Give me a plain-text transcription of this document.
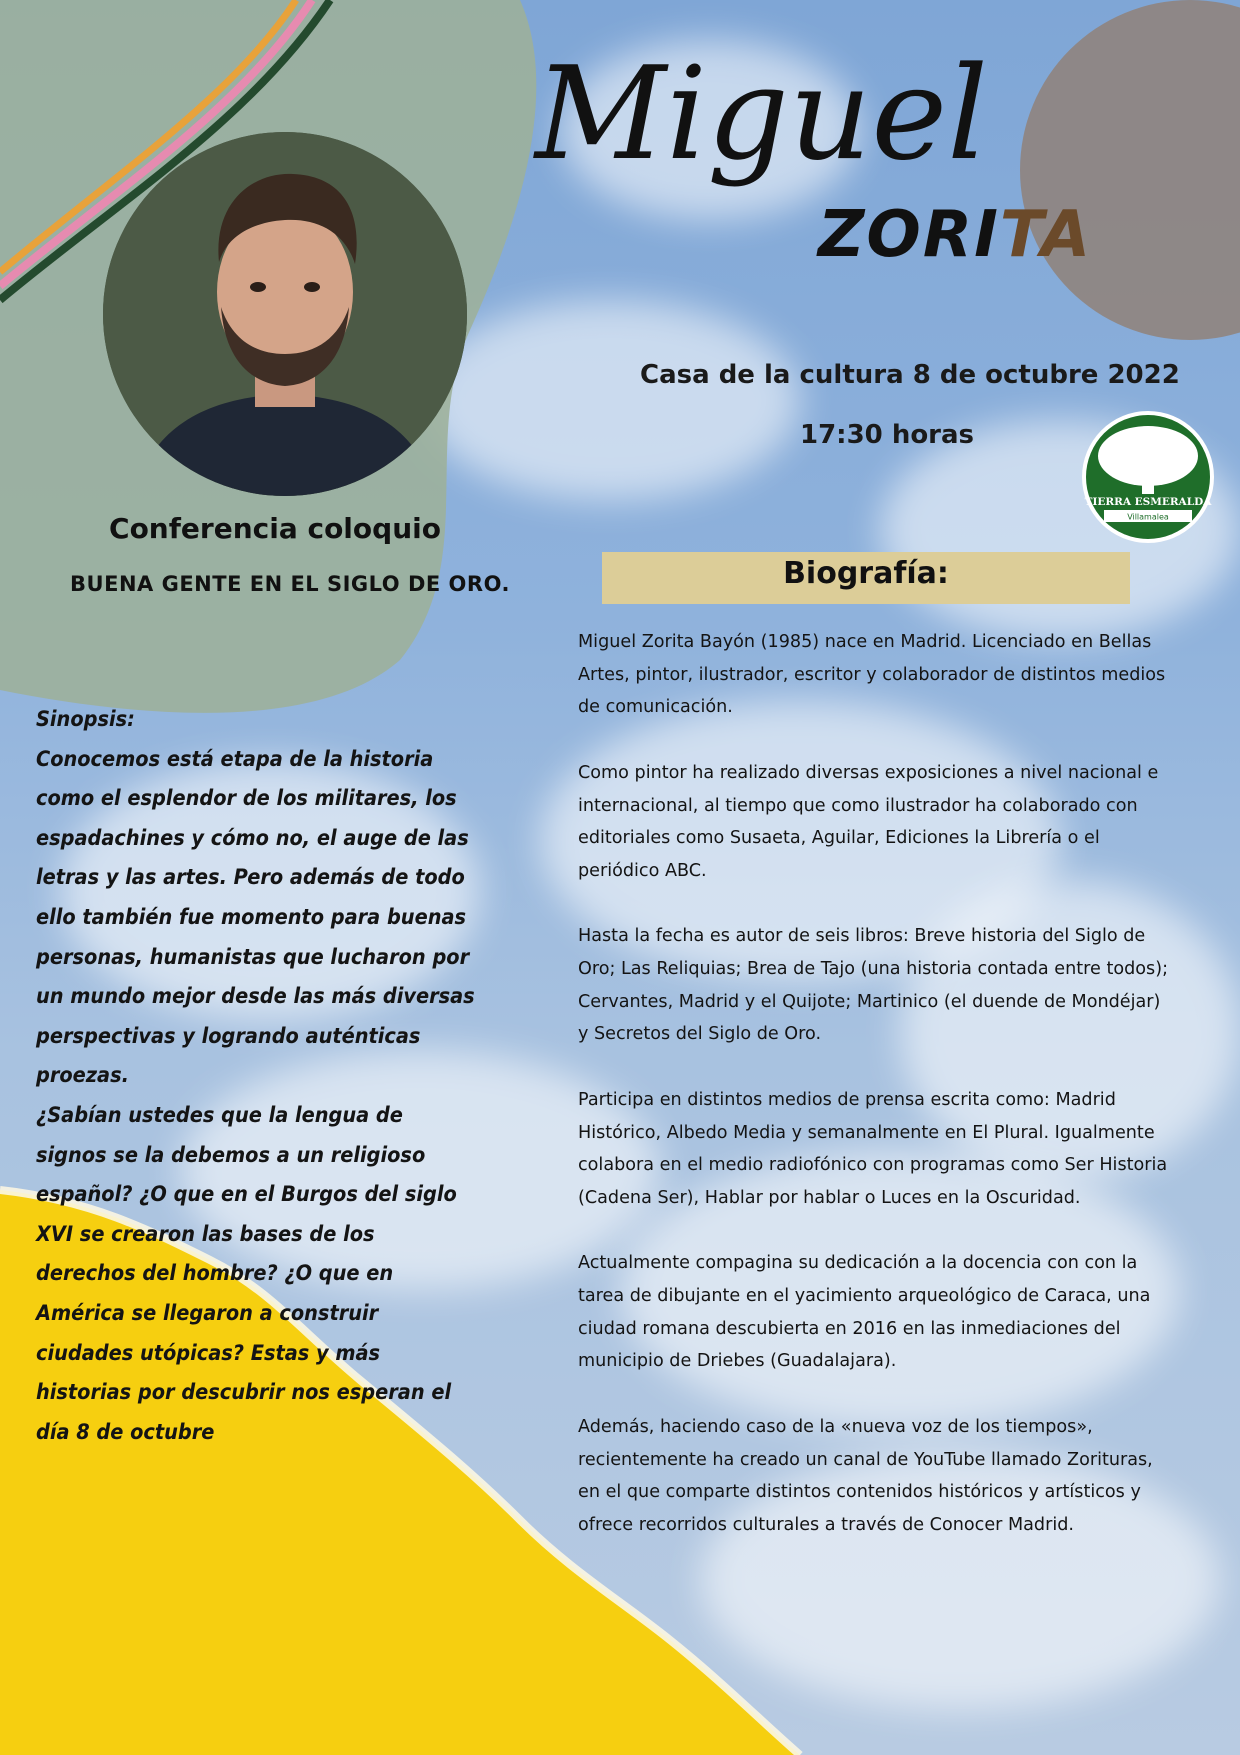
Miguel
ZORITA
Casa de la cultura 8 de octubre 2022
17:30 horas
TIERRA ESMERALDA
Villamalea
Conferencia coloquio
BUENA GENTE EN EL SIGLO DE ORO.	Biografía:

Sinopsis:

Conocemos está etapa de la historia como el esplendor de los militares, los espadachines y cómo no, el auge de las letras y las artes. Pero además de todo ello también fue momento para buenas personas, humanistas que lucharon por un mundo mejor desde las más diversas perspectivas y logrando auténticas proezas.

¿Sabían ustedes que la lengua de signos se la debemos a un religioso español? ¿O que en el Burgos del siglo XVI se crearon las bases de los derechos del hombre? ¿O que en América se llegaron a construir ciudades utópicas? Estas y más historias por descubrir nos esperan el día 8 de octubre

Miguel Zorita Bayón (1985) nace en Madrid. Licenciado en Bellas Artes, pintor, ilustrador, escritor y colaborador de distintos medios de comunicación.

Como pintor ha realizado diversas exposiciones a nivel nacional e internacional, al tiempo que como ilustrador ha colaborado con editoriales como Susaeta, Aguilar, Ediciones la Librería o el periódico ABC.

Hasta la fecha es autor de seis libros: Breve historia del Siglo de Oro; Las Reliquias; Brea de Tajo (una historia contada entre todos); Cervantes, Madrid y el Quijote; Martinico (el duende de Mondéjar) y Secretos del Siglo de Oro.

Participa en distintos medios de prensa escrita como: Madrid Histórico, Albedo Media y semanalmente en El Plural. Igualmente colabora en el medio radiofónico con programas como Ser Historia (Cadena Ser), Hablar por hablar o Luces en la Oscuridad.

Actualmente compagina su dedicación a la docencia con con la tarea de dibujante en el yacimiento arqueológico de Caraca, una ciudad romana descubierta en 2016 en las inmediaciones del municipio de Driebes (Guadalajara).

Además, haciendo caso de la «nueva voz de los tiempos», recientemente ha creado un canal de YouTube llamado Zorituras, en el que comparte distintos contenidos históricos y artísticos y ofrece recorridos culturales a través de Conocer Madrid.
